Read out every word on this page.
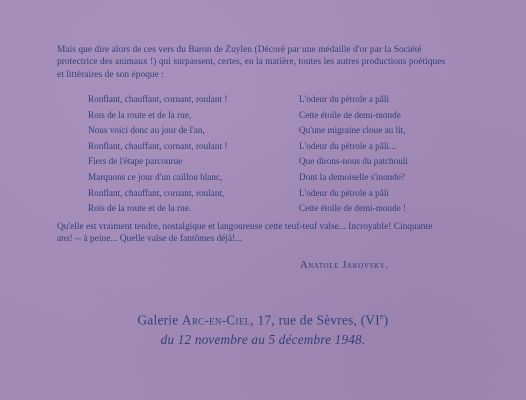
Mais que dire alors de ces vers du Baron de Zuylen (Décoré par une médaille d'or par la Société
protectrice des animaux !) qui surpassent, certes, en la matière, toutes les autres productions poétiques
et littéraires de son époque :
Ronflant, chauffant, cornant, roulant !
Rois de la route et de la rue,
Nous voici donc au jour de l'an,
Ronflant, chauffant, cornant, roulant !
Fiers de l'étape parcourue
Marquons ce jour d'un caillou blanc,
Ronflant, chauffant, cornant, roulant,
Rois de la route et de la rue.
L'odeur du pétrole a pâli
Cette étoile de demi-monde
Qu'une migraine cloue au lit,
L'odeur du pétrole a pâli...
Que dirons-nous du patchouli
Dont la demoiselle s'inonde?
L'odeur du pétrole a pâli
Cette étoile de demi-monde !
Qu'elle est vraiment tendre, nostalgique et langoureuse cette teuf-teuf valse... Incroyable! Cinquante
ans! -- à peine... Quelle valse de fantômes déjà!...
Anatole Jakovsky.
Galerie Arc-en-Ciel, 17, rue de Sèvres, (VIe)
du 12 novembre au 5 décembre 1948.
